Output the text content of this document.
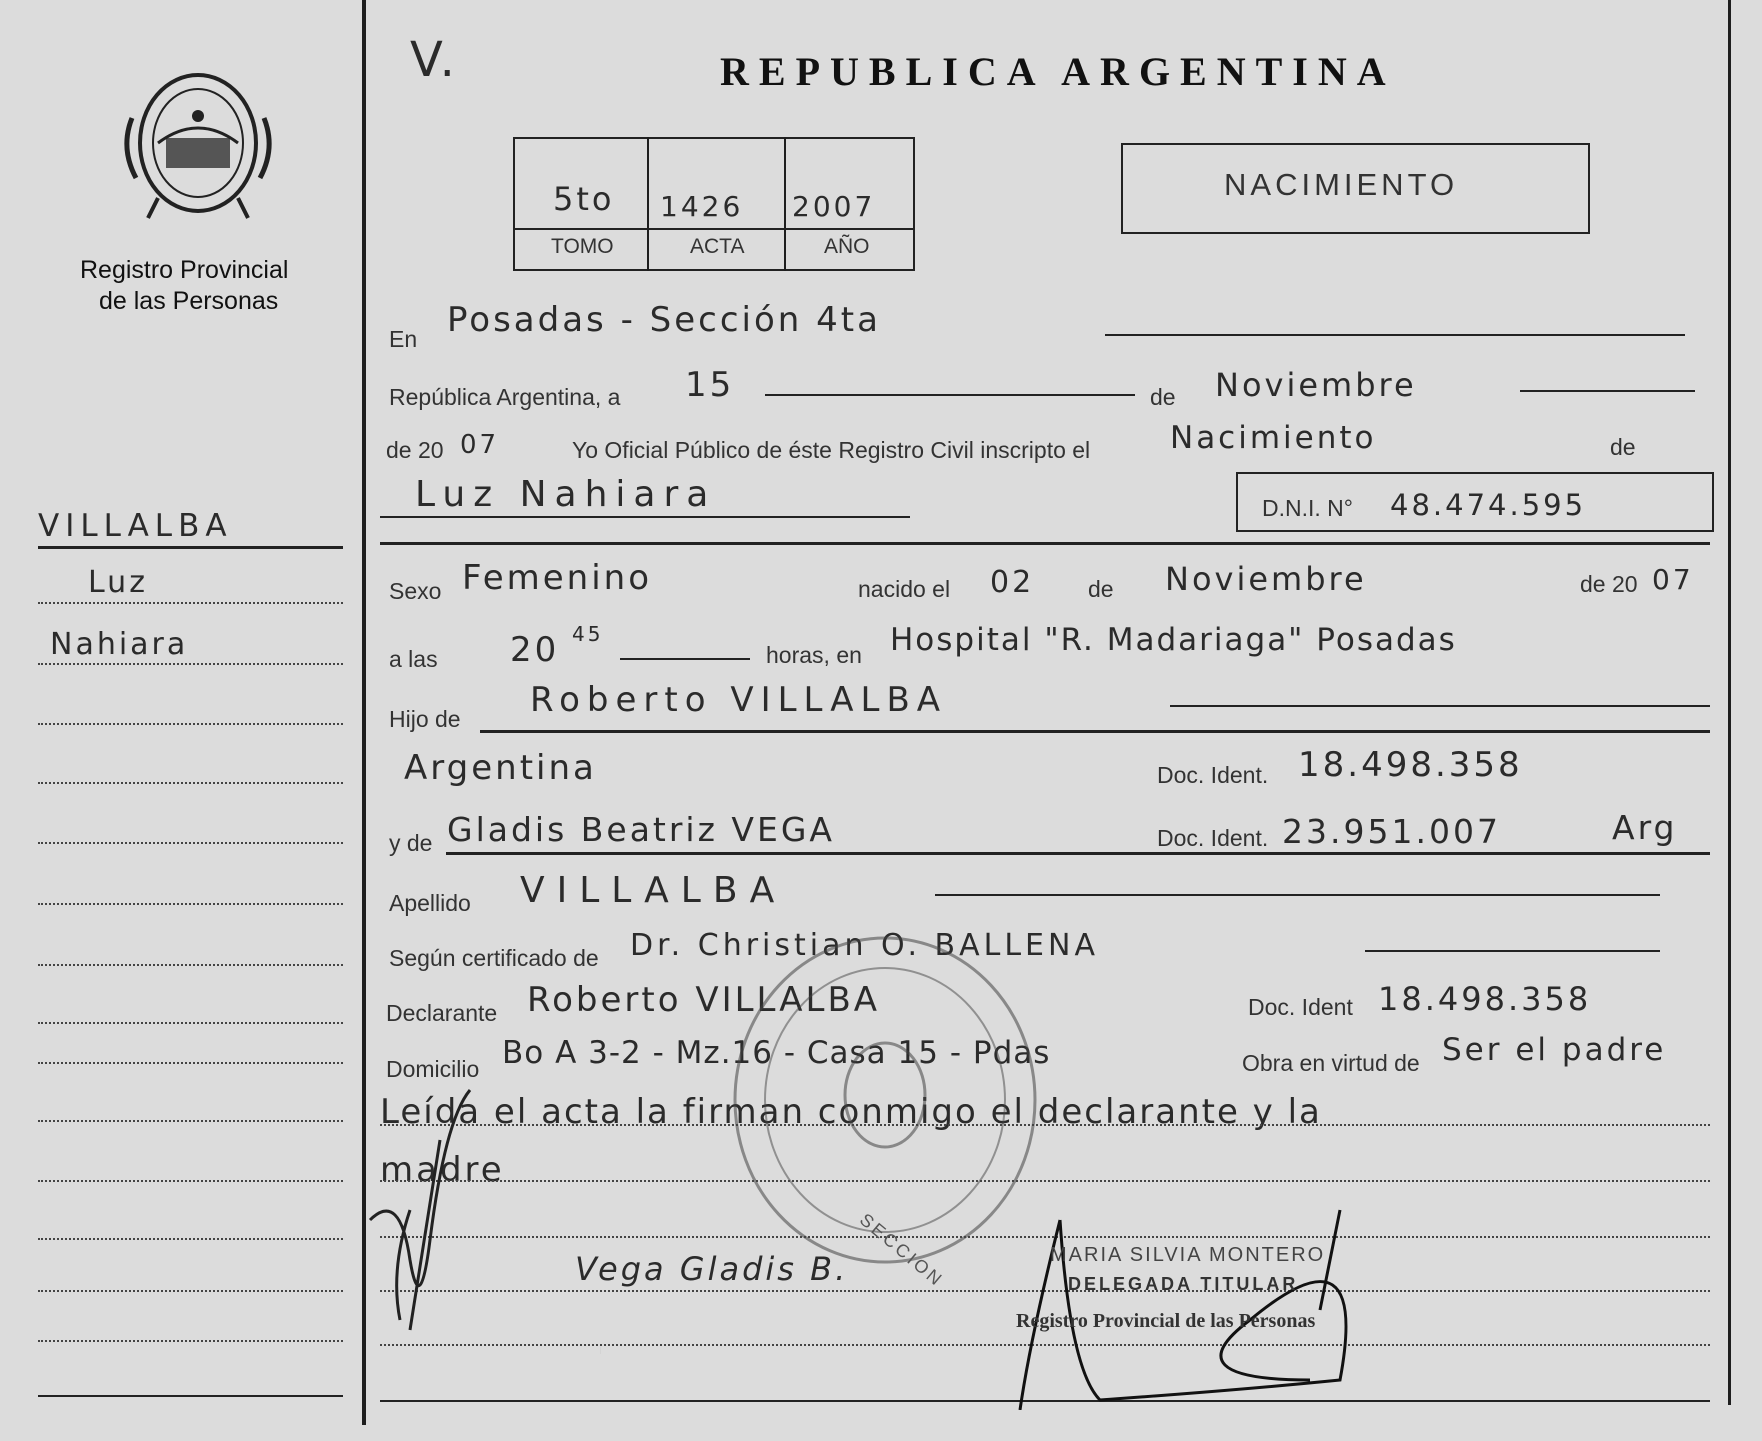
Registro Provincial
de las Personas
VILLALBA
Luz
Nahiara
V.	REPUBLICA ARGENTINA
5to 1426 2007
TOMO	ACTA	AÑO
NACIMIENTO
En Posadas - Sección 4ta
República Argentina, a 15	de Noviembre
de 20 07	Yo Oficial Público de éste Registro Civil inscripto el	Nacimiento	de
Luz Nahiara	D.N.I. N° 48.474.595
Sexo Femenino	nacido el 02 de Noviembre	de 20 07
a las 20 45
horas, en Hospital "R. Madariaga" Posadas
Hijo de Roberto VILLALBA
Argentina	Doc. Ident. 18.498.358
y de Gladis Beatriz VEGA	Doc. Ident. 23.951.007	Arg
Apellido VILLALBA
Según certificado de Dr. Christian O. BALLENA
Declarante Roberto VILLALBA	Doc. Ident 18.498.358
Domicilio Bo A 3-2 - Mz.16 - Casa 15 - Pdas	Obra en virtud de Ser el padre
Leída el acta la firman conmigo el declarante y la
madre
SECCION
Vega Gladis B.	MARIA SILVIA MONTERO
DELEGADA TITULAR
Registro Provincial de las Personas
